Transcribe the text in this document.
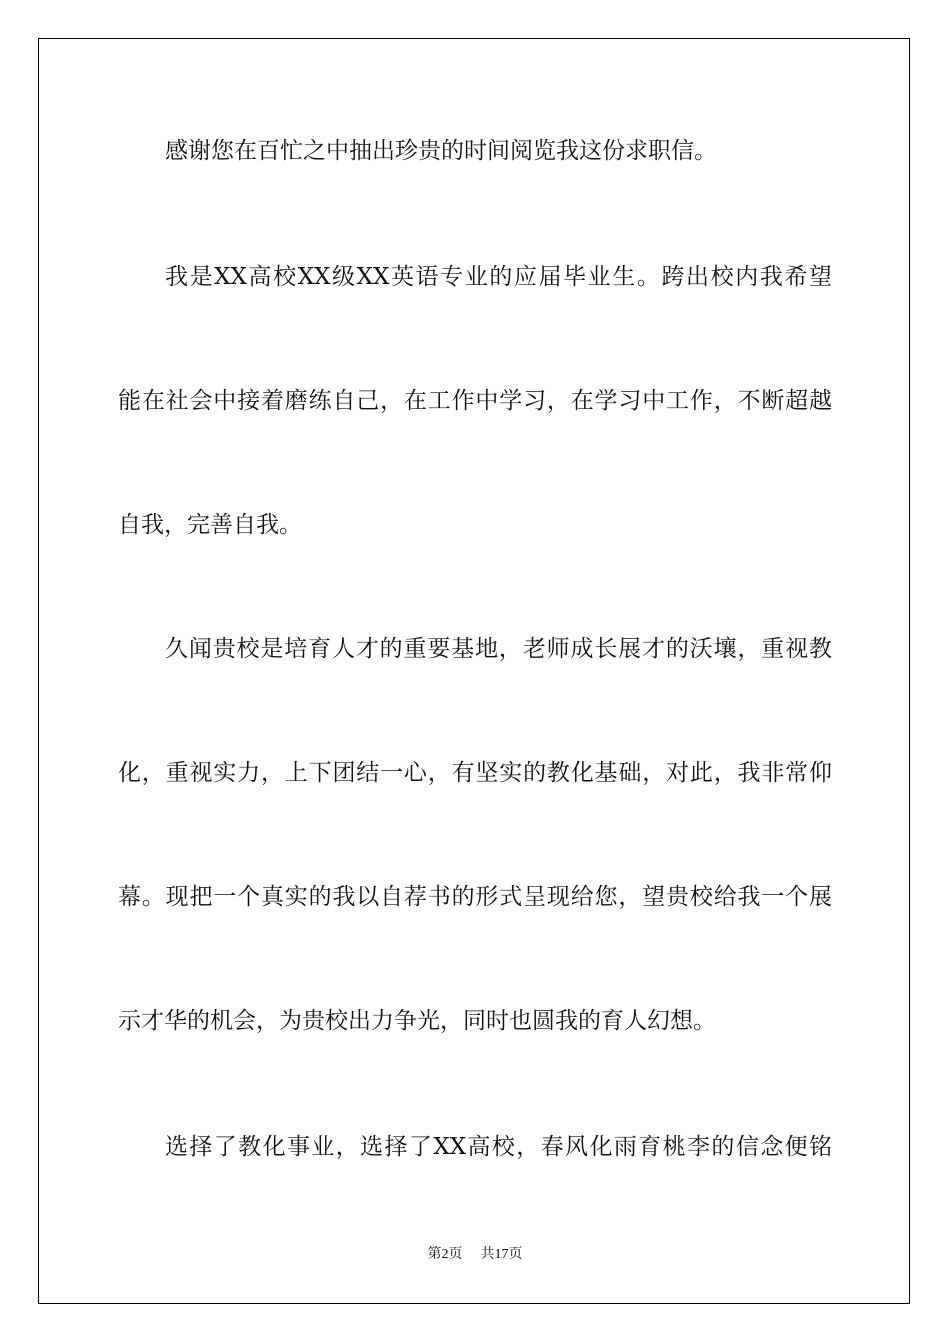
感谢您在百忙之中抽出珍贵的时间阅览我这份求职信。

我是XX高校XX级XX英语专业的应届毕业生。跨出校内我希望

能在社会中接着磨练自己，在工作中学习，在学习中工作，不断超越

自我，完善自我。

久闻贵校是培育人才的重要基地，老师成长展才的沃壤，重视教

化，重视实力，上下团结一心，有坚实的教化基础，对此，我非常仰

幕。现把一个真实的我以自荐书的形式呈现给您，望贵校给我一个展

示才华的机会，为贵校出力争光，同时也圆我的育人幻想。

选择了教化事业，选择了XX高校，春风化雨育桃李的信念便铭

第2页 共17页
